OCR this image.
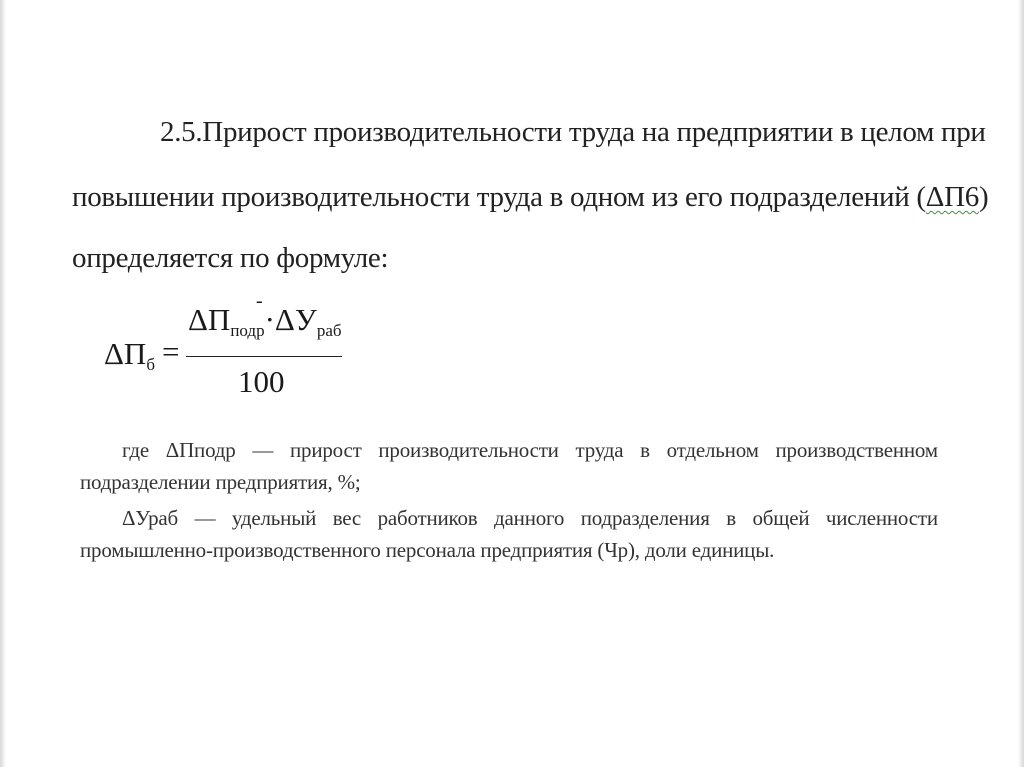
2.5.Прирост производительности труда на предприятии в целом при
повышении производительности труда в одном из его подразделений (ΔП6)
определяется по формуле:
$\Delta П_б$ =
-
$\Delta П_{подр}\cdot\Delta У_{раб}$
100
где ΔПподр — прирост производительности труда в отдельном производственном
подразделении предприятия, %;
ΔУраб — удельный вес работников данного подразделения в общей численности
промышленно-производственного персонала предприятия (Чр), доли единицы.
